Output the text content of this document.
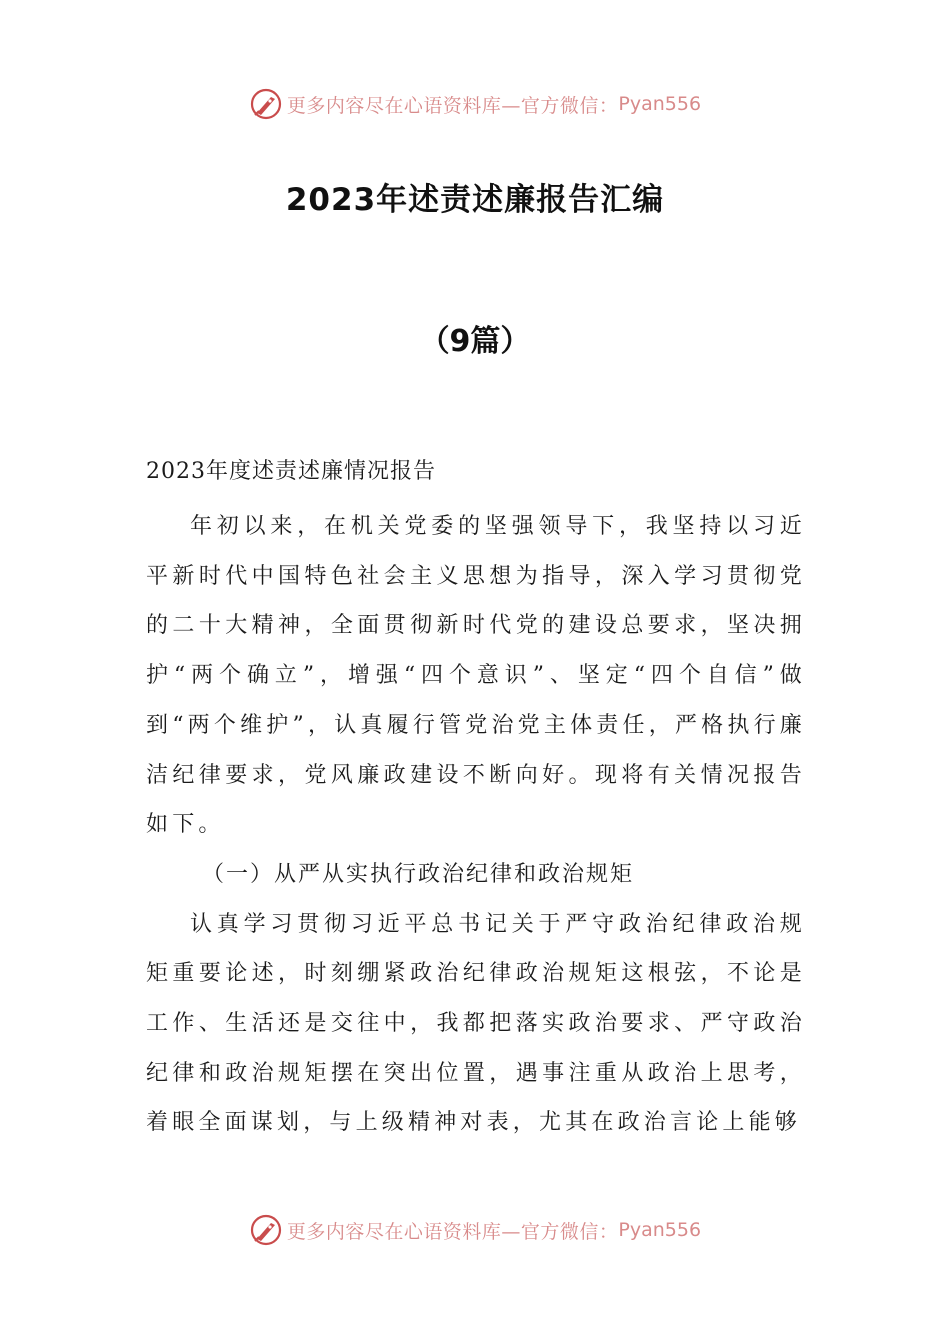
更多内容尽在心语资料库—官方微信： Pyan556
2023年述责述廉报告汇编
（9篇）

2023年度述责述廉情况报告

年初以来，在机关党委的坚强领导下，我坚持以习近平新时代中国特色社会主义思想为指导，深入学习贯彻党的二十大精神，全面贯彻新时代党的建设总要求，坚决拥护“两个确立”，增强“四个意识”、坚定“四个自信”做到“两个维护”，认真履行管党治党主体责任，严格执行廉洁纪律要求，党风廉政建设不断向好。现将有关情况报告如下。

（一）从严从实执行政治纪律和政治规矩

认真学习贯彻习近平总书记关于严守政治纪律政治规矩重要论述，时刻绷紧政治纪律政治规矩这根弦，不论是工作、生活还是交往中，我都把落实政治要求、严守政治纪律和政治规矩摆在突出位置，遇事注重从政治上思考，着眼全面谋划，与上级精神对表，尤其在政治言论上能够

更多内容尽在心语资料库—官方微信： Pyan556
